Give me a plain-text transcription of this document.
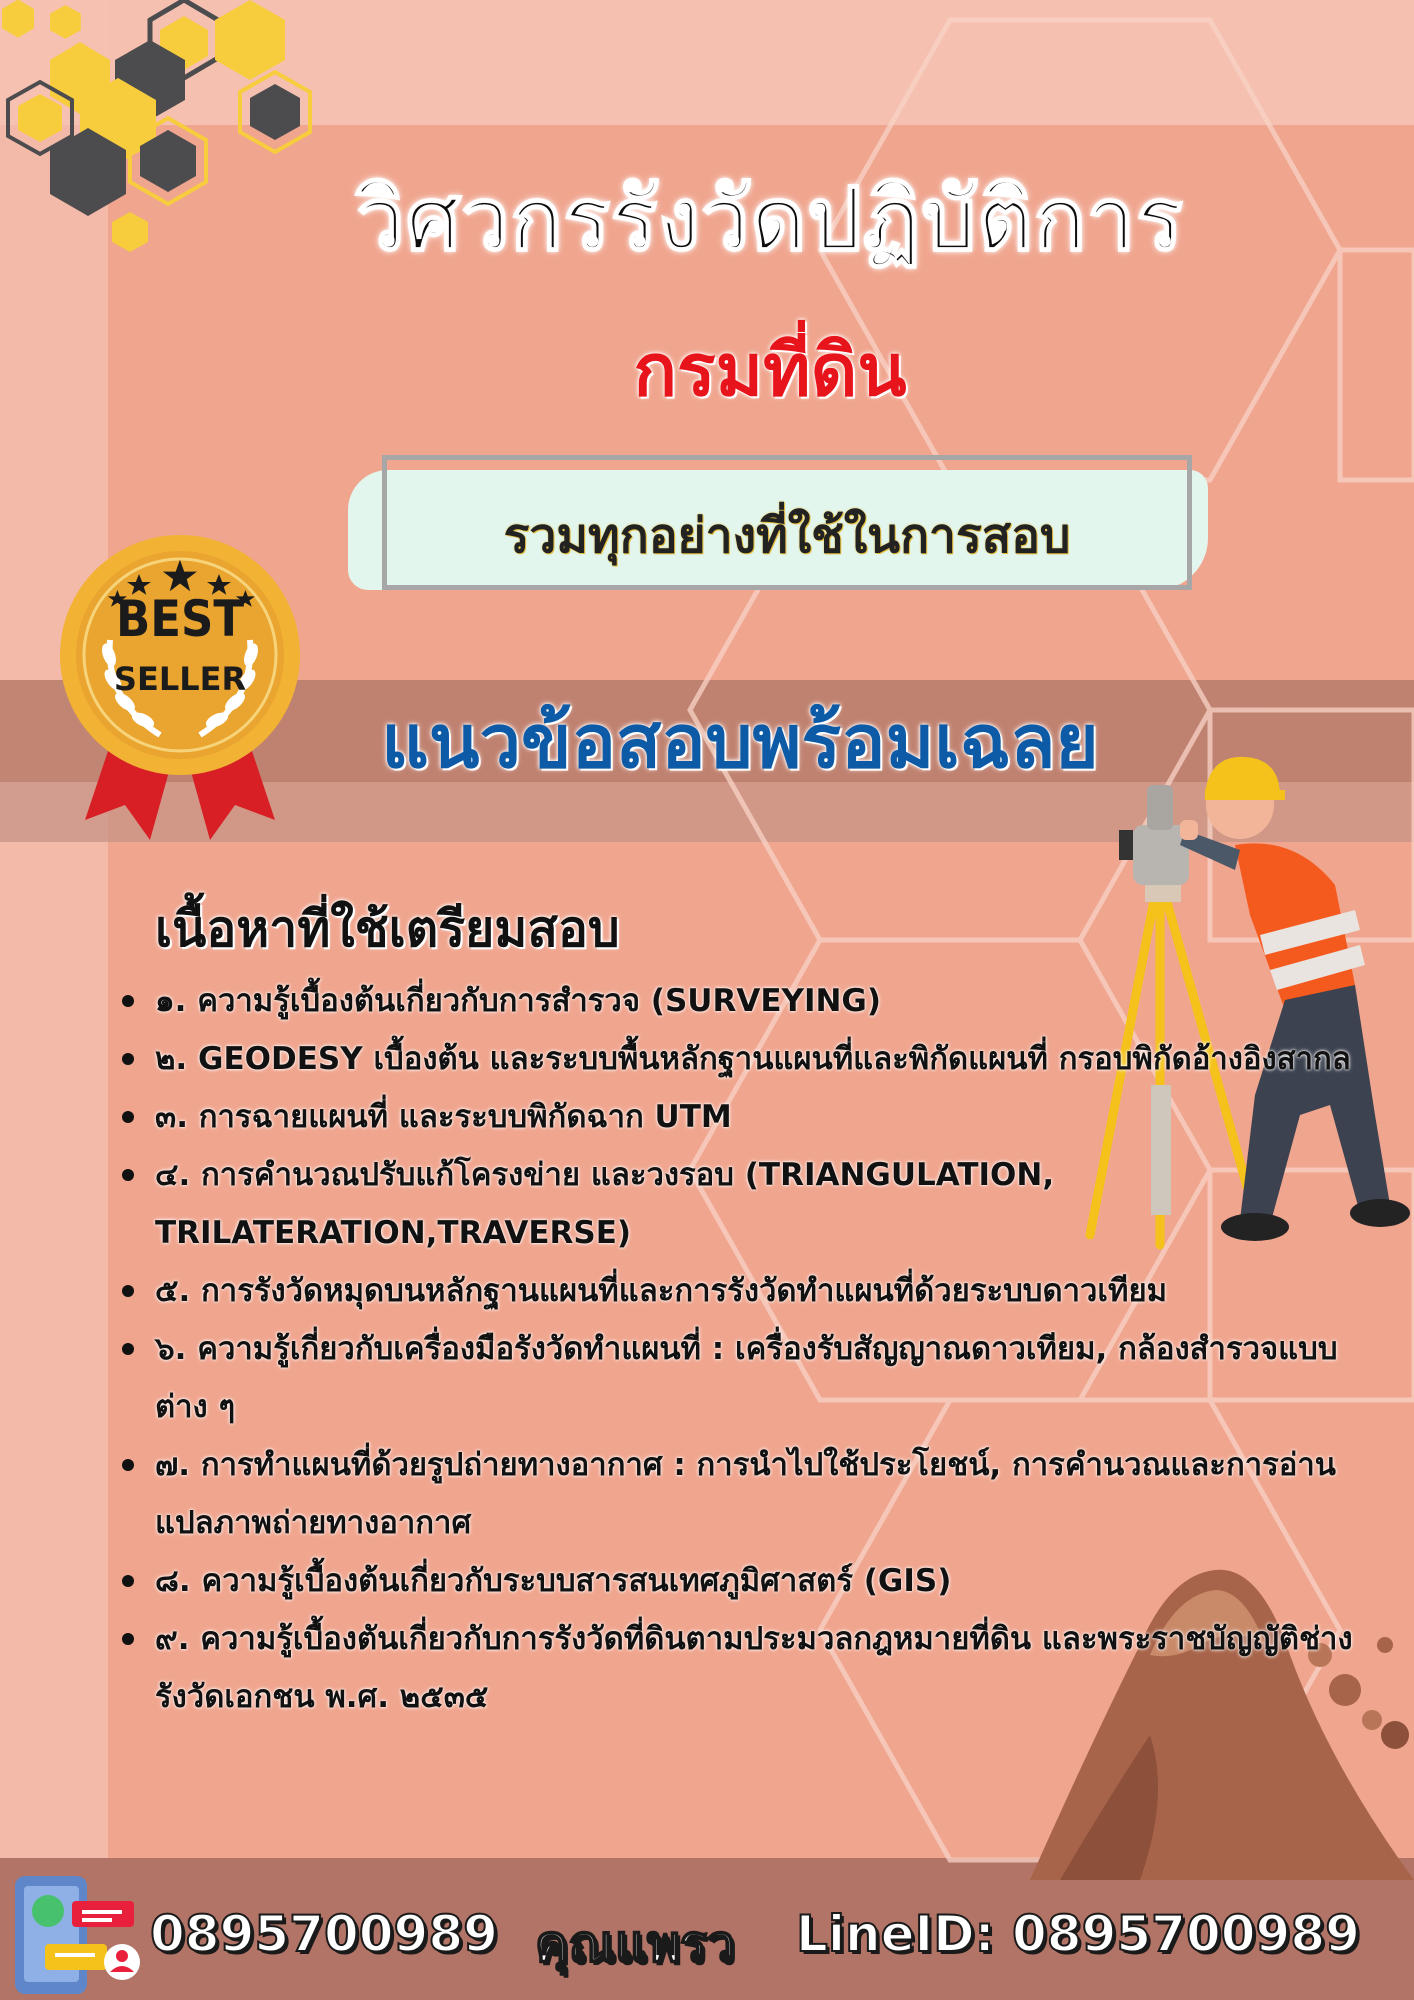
วิศวกรรังวัดปฏิบัติการ
กรมที่ดิน
รวมทุกอย่างที่ใช้ในการสอบ
แนวข้อสอบพร้อมเฉลย
BEST
SELLER
เนื้อหาที่ใช้เตรียมสอบ
๑. ความรู้เบื้องต้นเกี่ยวกับการสำรวจ (SURVEYING)
๒. GEODESY เบื้องต้น และระบบพื้นหลักฐานแผนที่และพิกัดแผนที่ กรอบพิกัดอ้างอิงสากล
๓. การฉายแผนที่ และระบบพิกัดฉาก UTM
๔. การคำนวณปรับแก้โครงข่าย และวงรอบ (TRIANGULATION, TRILATERATION,TRAVERSE)
๕. การรังวัดหมุดบนหลักฐานแผนที่และการรังวัดทำแผนที่ด้วยระบบดาวเทียม
๖. ความรู้เกี่ยวกับเครื่องมือรังวัดทำแผนที่ : เครื่องรับสัญญาณดาวเทียม, กล้องสำรวจแบบต่าง ๆ
๗. การทำแผนที่ด้วยรูปถ่ายทางอากาศ : การนำไปใช้ประโยชน์, การคำนวณและการอ่านแปลภาพถ่ายทางอากาศ
๘. ความรู้เบื้องต้นเกี่ยวกับระบบสารสนเทศภูมิศาสตร์ (GIS)
๙. ความรู้เบื้องตันเกี่ยวกับการรังวัดที่ดินตามประมวลกฎหมายที่ดิน และพระราชบัญญัติช่างรังวัดเอกชน พ.ศ. ๒๕๓๕
0895700989 คุณแพรว LineID: 0895700989
